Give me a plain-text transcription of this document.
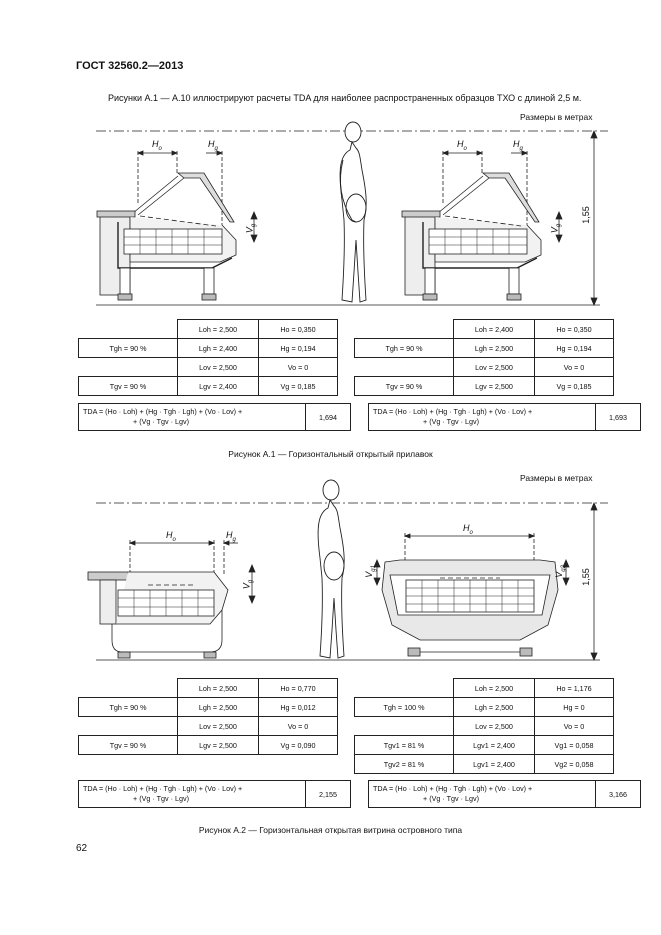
ГОСТ 32560.2—2013
Рисунки А.1 — А.10 иллюстрируют расчеты TDA для наиболее распространенных образцов ТХО с длиной 2,5 м.
Размеры в метрах
$H_o$	$H_g$
$V_g$
$H_o$	$H_g$
$V_g$
1,55
	Loh = 2,500	Ho = 0,350
Tgh = 90 %	Lgh = 2,400	Hg = 0,194
	Lov = 2,500	Vo = 0
Tgv = 90 %	Lgv = 2,400	Vg = 0,185
TDA = (Ho · Loh) + (Hg · Tgh · Lgh) + (Vo · Lov) +
+ (Vg · Tgv · Lgv)	1,694
	Loh = 2,400	Ho = 0,350
Tgh = 90 %	Lgh = 2,500	Hg = 0,194
	Lov = 2,500	Vo = 0
Tgv = 90 %	Lgv = 2,500	Vg = 0,185
TDA = (Ho · Loh) + (Hg · Tgh · Lgh) + (Vo · Lov) +
+ (Vg · Tgv · Lgv)	1,693
Рисунок А.1 — Горизонтальный открытый прилавок
Размеры в метрах
$H_o$	$H_g$
$V_g$
$H_o$
$V_{g1}$
$V_{g2}$ 1,55
	Loh = 2,500	Ho = 0,770
Tgh = 90 %	Lgh = 2,500	Hg = 0,012
	Lov = 2,500	Vo = 0
Tgv = 90 %	Lgv = 2,500	Vg = 0,090
TDA = (Ho · Loh) + (Hg · Tgh · Lgh) + (Vo · Lov) +
+ (Vg · Tgv · Lgv)	2,155
	Loh = 2,500	Ho = 1,176
Tgh = 100 %	Lgh = 2,500	Hg = 0
	Lov = 2,500	Vo = 0
Tgv1 = 81 %	Lgv1 = 2,400	Vg1 = 0,058
Tgv2 = 81 %	Lgv1 = 2,400	Vg2 = 0,058
TDA = (Ho · Loh) + (Hg · Tgh · Lgh) + (Vo · Lov) +
+ (Vg · Tgv · Lgv)	3,166
Рисунок А.2 — Горизонтальная открытая витрина островного типа
62
